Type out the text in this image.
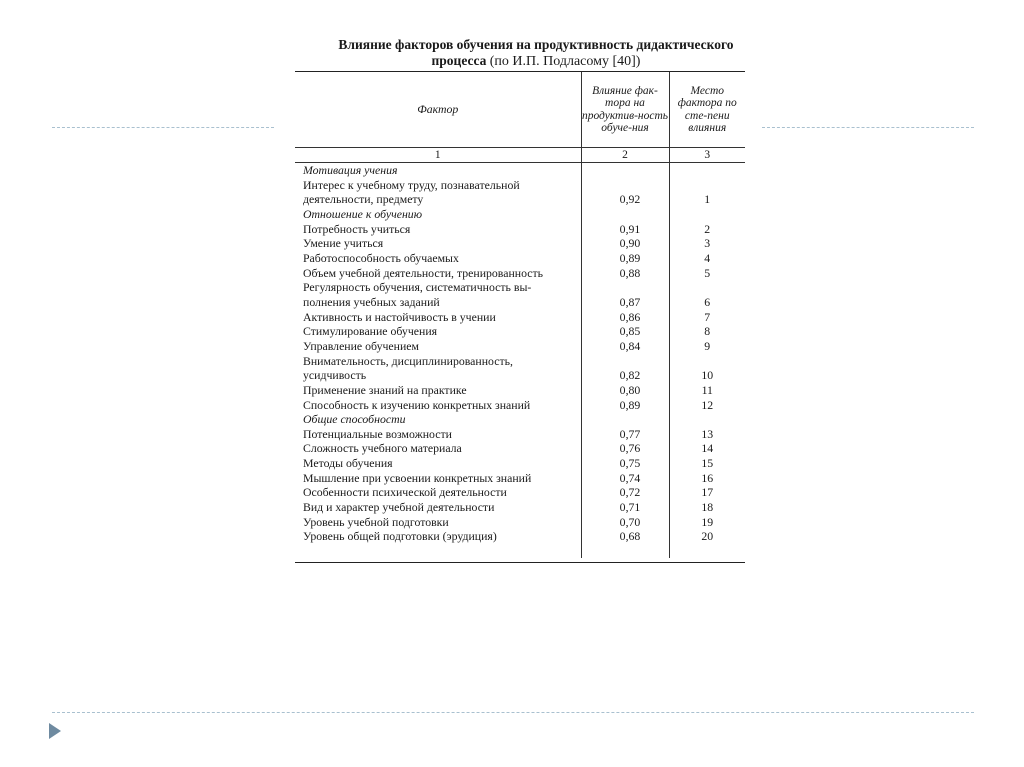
Влияние факторов обучения на продуктивность дидактического
процесса (по И.П. Подласому [40])
Фактор	Влияние фак-тора на продуктив-ность обуче-ния	Место фактора по сте-пени влияния
1	2	3
Мотивация учения		
Интерес к учебному труду, познавательной
деятельности, предмету	0,92	1
Отношение к обучению		
Потребность учиться	0,91	2
Умение учиться	0,90	3
Работоспособность обучаемых	0,89	4
Объем учебной деятельности, тренированность	0,88	5
Регулярность обучения, систематичность вы-
полнения учебных заданий	0,87	6
Активность и настойчивость в учении	0,86	7
Стимулирование обучения	0,85	8
Управление обучением	0,84	9
Внимательность, дисциплинированность,
усидчивость	0,82	10
Применение знаний на практике	0,80	11
Способность к изучению конкретных знаний	0,89	12
Общие способности		
Потенциальные возможности	0,77	13
Сложность учебного материала	0,76	14
Методы обучения	0,75	15
Мышление при усвоении конкретных знаний	0,74	16
Особенности психической деятельности	0,72	17
Вид и характер учебной деятельности	0,71	18
Уровень учебной подготовки	0,70	19
Уровень общей подготовки (эрудиция)	0,68	20
